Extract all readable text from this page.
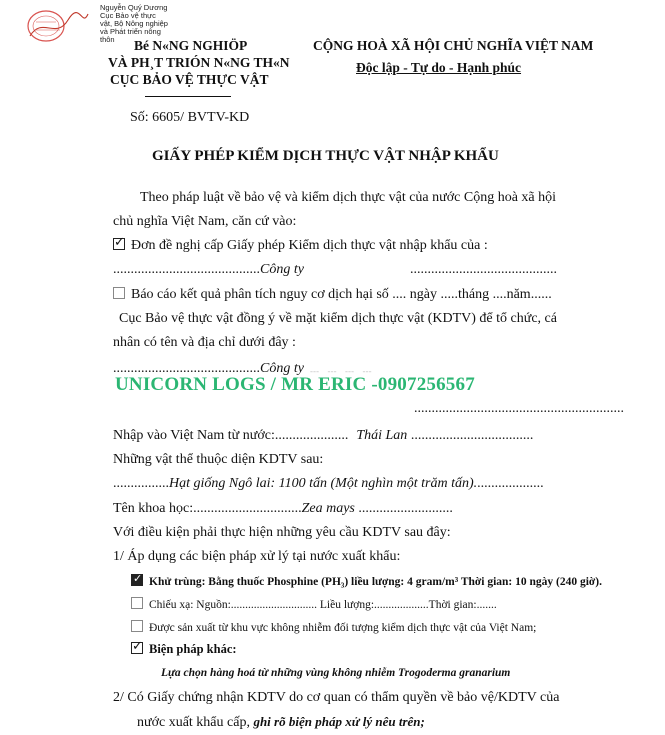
Nguyễn Quý Dương
Cục Bảo vệ thực
vật, Bộ Nông nghiệp
và Phát triển nông
thôn	Bé N«NG NGHIÖP
VÀ PH¸T TRIÓN N«NG TH«N
CỤC BẢO VỆ THỰC VẬT
CỘNG HOÀ XÃ HỘI CHỦ NGHĨA VIỆT NAM
Độc lập - Tự do - Hạnh phúc
Số: 6605/ BVTV-KD
GIẤY PHÉP KIỂM DỊCH THỰC VẬT NHẬP KHẨU
Theo pháp luật về bảo vệ và kiểm dịch thực vật của nước Cộng hoà xã hội
chủ nghĩa Việt Nam, căn cứ vào:
✓Đơn đề nghị cấp Giấy phép Kiểm dịch thực vật nhập khẩu của :
..........................................Công ty	..........................................
Báo cáo kết quả phân tích nguy cơ dịch hại số .... ngày .....tháng ....năm......
Cục Bảo vệ thực vật đồng ý về mặt kiểm dịch thực vật (KDTV) để tổ chức, cá
nhân có tên và địa chỉ dưới đây :
..........................................Công ty ﹍ ﹍ ﹍ ﹍
UNICORN LOGS / MR ERIC -0907256567
............................................................
Nhập vào Việt Nam từ nước:..................... Thái Lan ...................................
Những vật thể thuộc diện KDTV sau:
................Hạt giống Ngô lai: 1100 tấn (Một nghìn một trăm tấn)....................
Tên khoa học:...............................Zea mays ...........................
Với điều kiện phải thực hiện những yêu cầu KDTV sau đây:
1/ Áp dụng các biện pháp xử lý tại nước xuất khẩu:
✓Khử trùng: Bằng thuốc Phosphine (PH₃) liều lượng: 4 gram/m³ Thời gian: 10 ngày (240 giờ).
Chiếu xạ: Nguồn:.............................. Liều lượng:...................Thời gian:.......
Được sản xuất từ khu vực không nhiễm đối tượng kiểm dịch thực vật của Việt Nam;
✓Biện pháp khác:
Lựa chọn hàng hoá từ những vùng không nhiễm Trogoderma granarium
2/ Có Giấy chứng nhận KDTV do cơ quan có thẩm quyền về bảo vệ/KDTV của
nước xuất khẩu cấp, ghi rõ biện pháp xử lý nêu trên;
